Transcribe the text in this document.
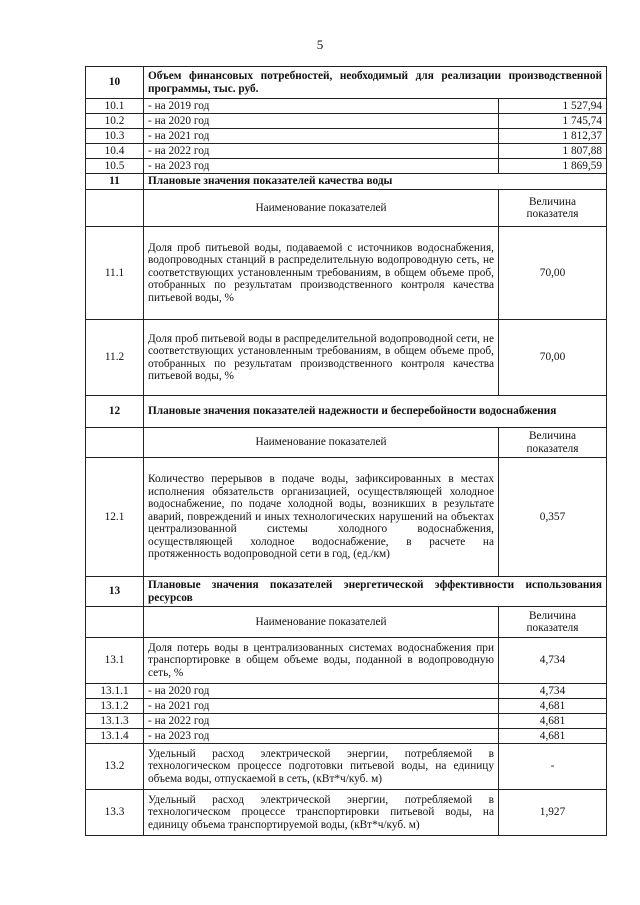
5
10	Объем финансовых потребностей, необходимый для реализации производственной программы, тыс. руб.	
10.1	- на 2019 год	1 527,94
10.2	- на 2020 год	1 745,74
10.3	- на 2021 год	1 812,37
10.4	- на 2022 год	1 807,88
10.5	- на 2023 год	1 869,59
11	Плановые значения показателей качества воды	
	Наименование показателей	Величина показателя
11.1	Доля проб питьевой воды, подаваемой с источников водоснабжения, водопроводных станций в распределительную водопроводную сеть, не соответствующих установленным требованиям, в общем объеме проб, отобранных по результатам производственного контроля качества питьевой воды, %	70,00
11.2	Доля проб питьевой воды в распределительной водопроводной сети, не соответствующих установленным требованиям, в общем объеме проб, отобранных по результатам производственного контроля качества питьевой воды, %	70,00
12	Плановые значения показателей надежности и бесперебойности водоснабжения	
	Наименование показателей	Величина показателя
12.1	Количество перерывов в подаче воды, зафиксированных в местах исполнения обязательств организацией, осуществляющей холодное водоснабжение, по подаче холодной воды, возникших в результате аварий, повреждений и иных технологических нарушений на объектах централизованной системы холодного водоснабжения, осуществляющей холодное водоснабжение, в расчете на протяженность водопроводной сети в год, (ед./км)	0,357
13	Плановые значения показателей энергетической эффективности использования ресурсов	
	Наименование показателей	Величина показателя
13.1	Доля потерь воды в централизованных системах водоснабжения при транспортировке в общем объеме воды, поданной в водопроводную сеть, %	4,734
13.1.1	- на 2020 год	4,734
13.1.2	- на 2021 год	4,681
13.1.3	- на 2022 год	4,681
13.1.4	- на 2023 год	4,681
13.2	Удельный расход электрической энергии, потребляемой в технологическом процессе подготовки питьевой воды, на единицу объема воды, отпускаемой в сеть, (кВт*ч/куб. м)	-
13.3	Удельный расход электрической энергии, потребляемой в технологическом процессе транспортировки питьевой воды, на единицу объема транспортируемой воды, (кВт*ч/куб. м)	1,927
